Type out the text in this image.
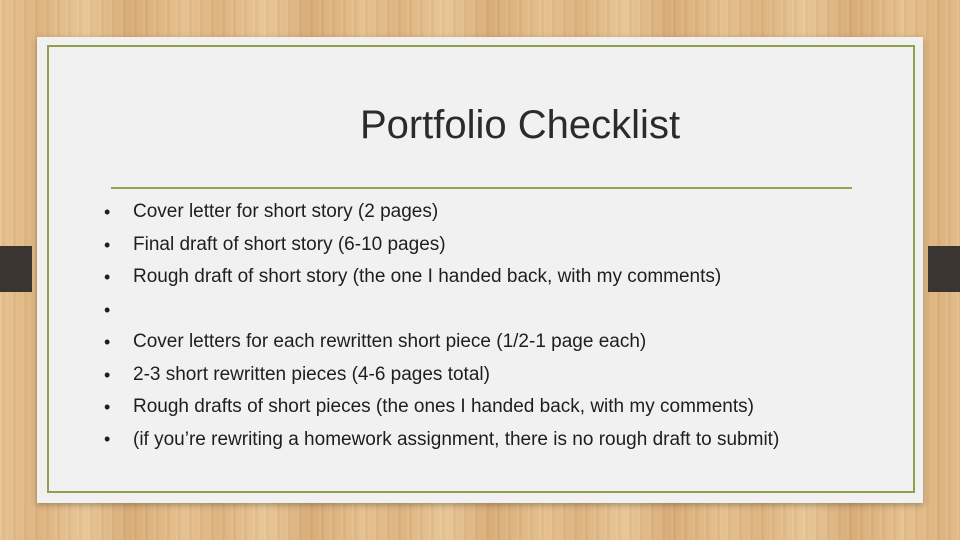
Portfolio Checklist
• Cover letter for short story (2 pages)
• Final draft of short story (6-10 pages)
• Rough draft of short story (the one I handed back, with my comments)
•
• Cover letters for each rewritten short piece (1/2-1 page each)
• 2-3 short rewritten pieces (4-6 pages total)
• Rough drafts of short pieces (the ones I handed back, with my comments)
• (if you’re rewriting a homework assignment, there is no rough draft to submit)
